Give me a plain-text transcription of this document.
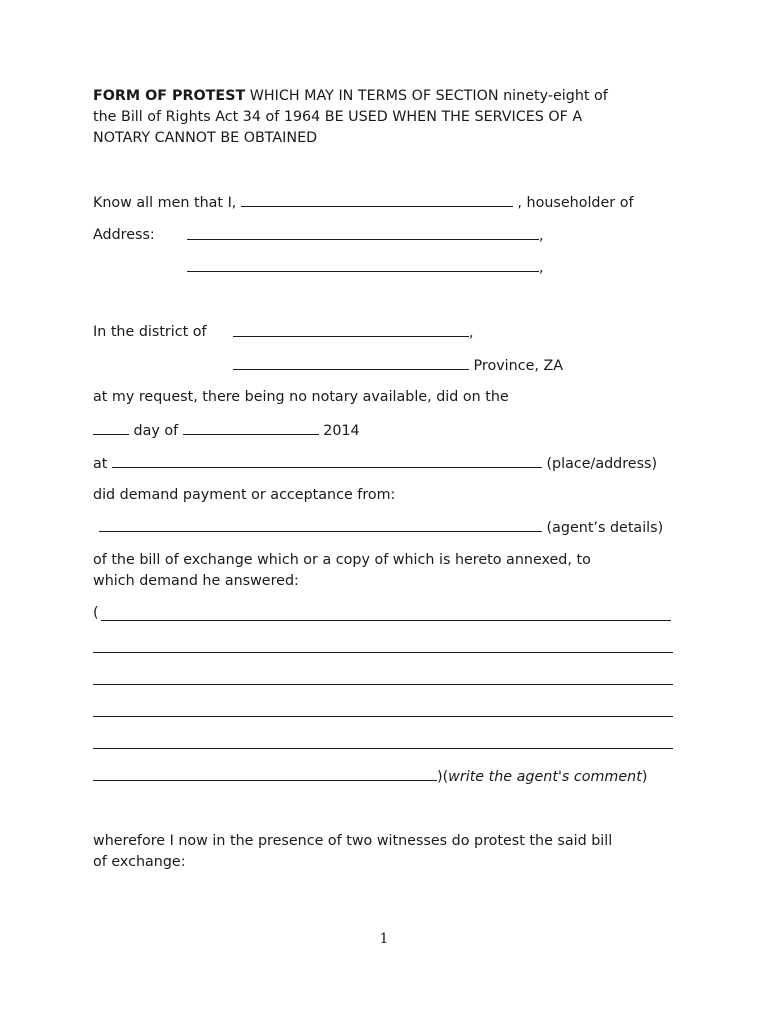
FORM OF PROTEST WHICH MAY IN TERMS OF SECTION ninety-eight of
the Bill of Rights Act 34 of 1964 BE USED WHEN THE SERVICES OF A
NOTARY CANNOT BE OBTAINED
Know all men that I,	, householder of
Address:	,
,
In the district of	,
Province, ZA
at my request, there being no notary available, did on the
day of	2014
at	(place/address)
did demand payment or acceptance from:
(agent’s details)
of the bill of exchange which or a copy of which is hereto annexed, to
which demand he answered:
(
)(write the agent's comment)
wherefore I now in the presence of two witnesses do protest the said bill
of exchange:
1
